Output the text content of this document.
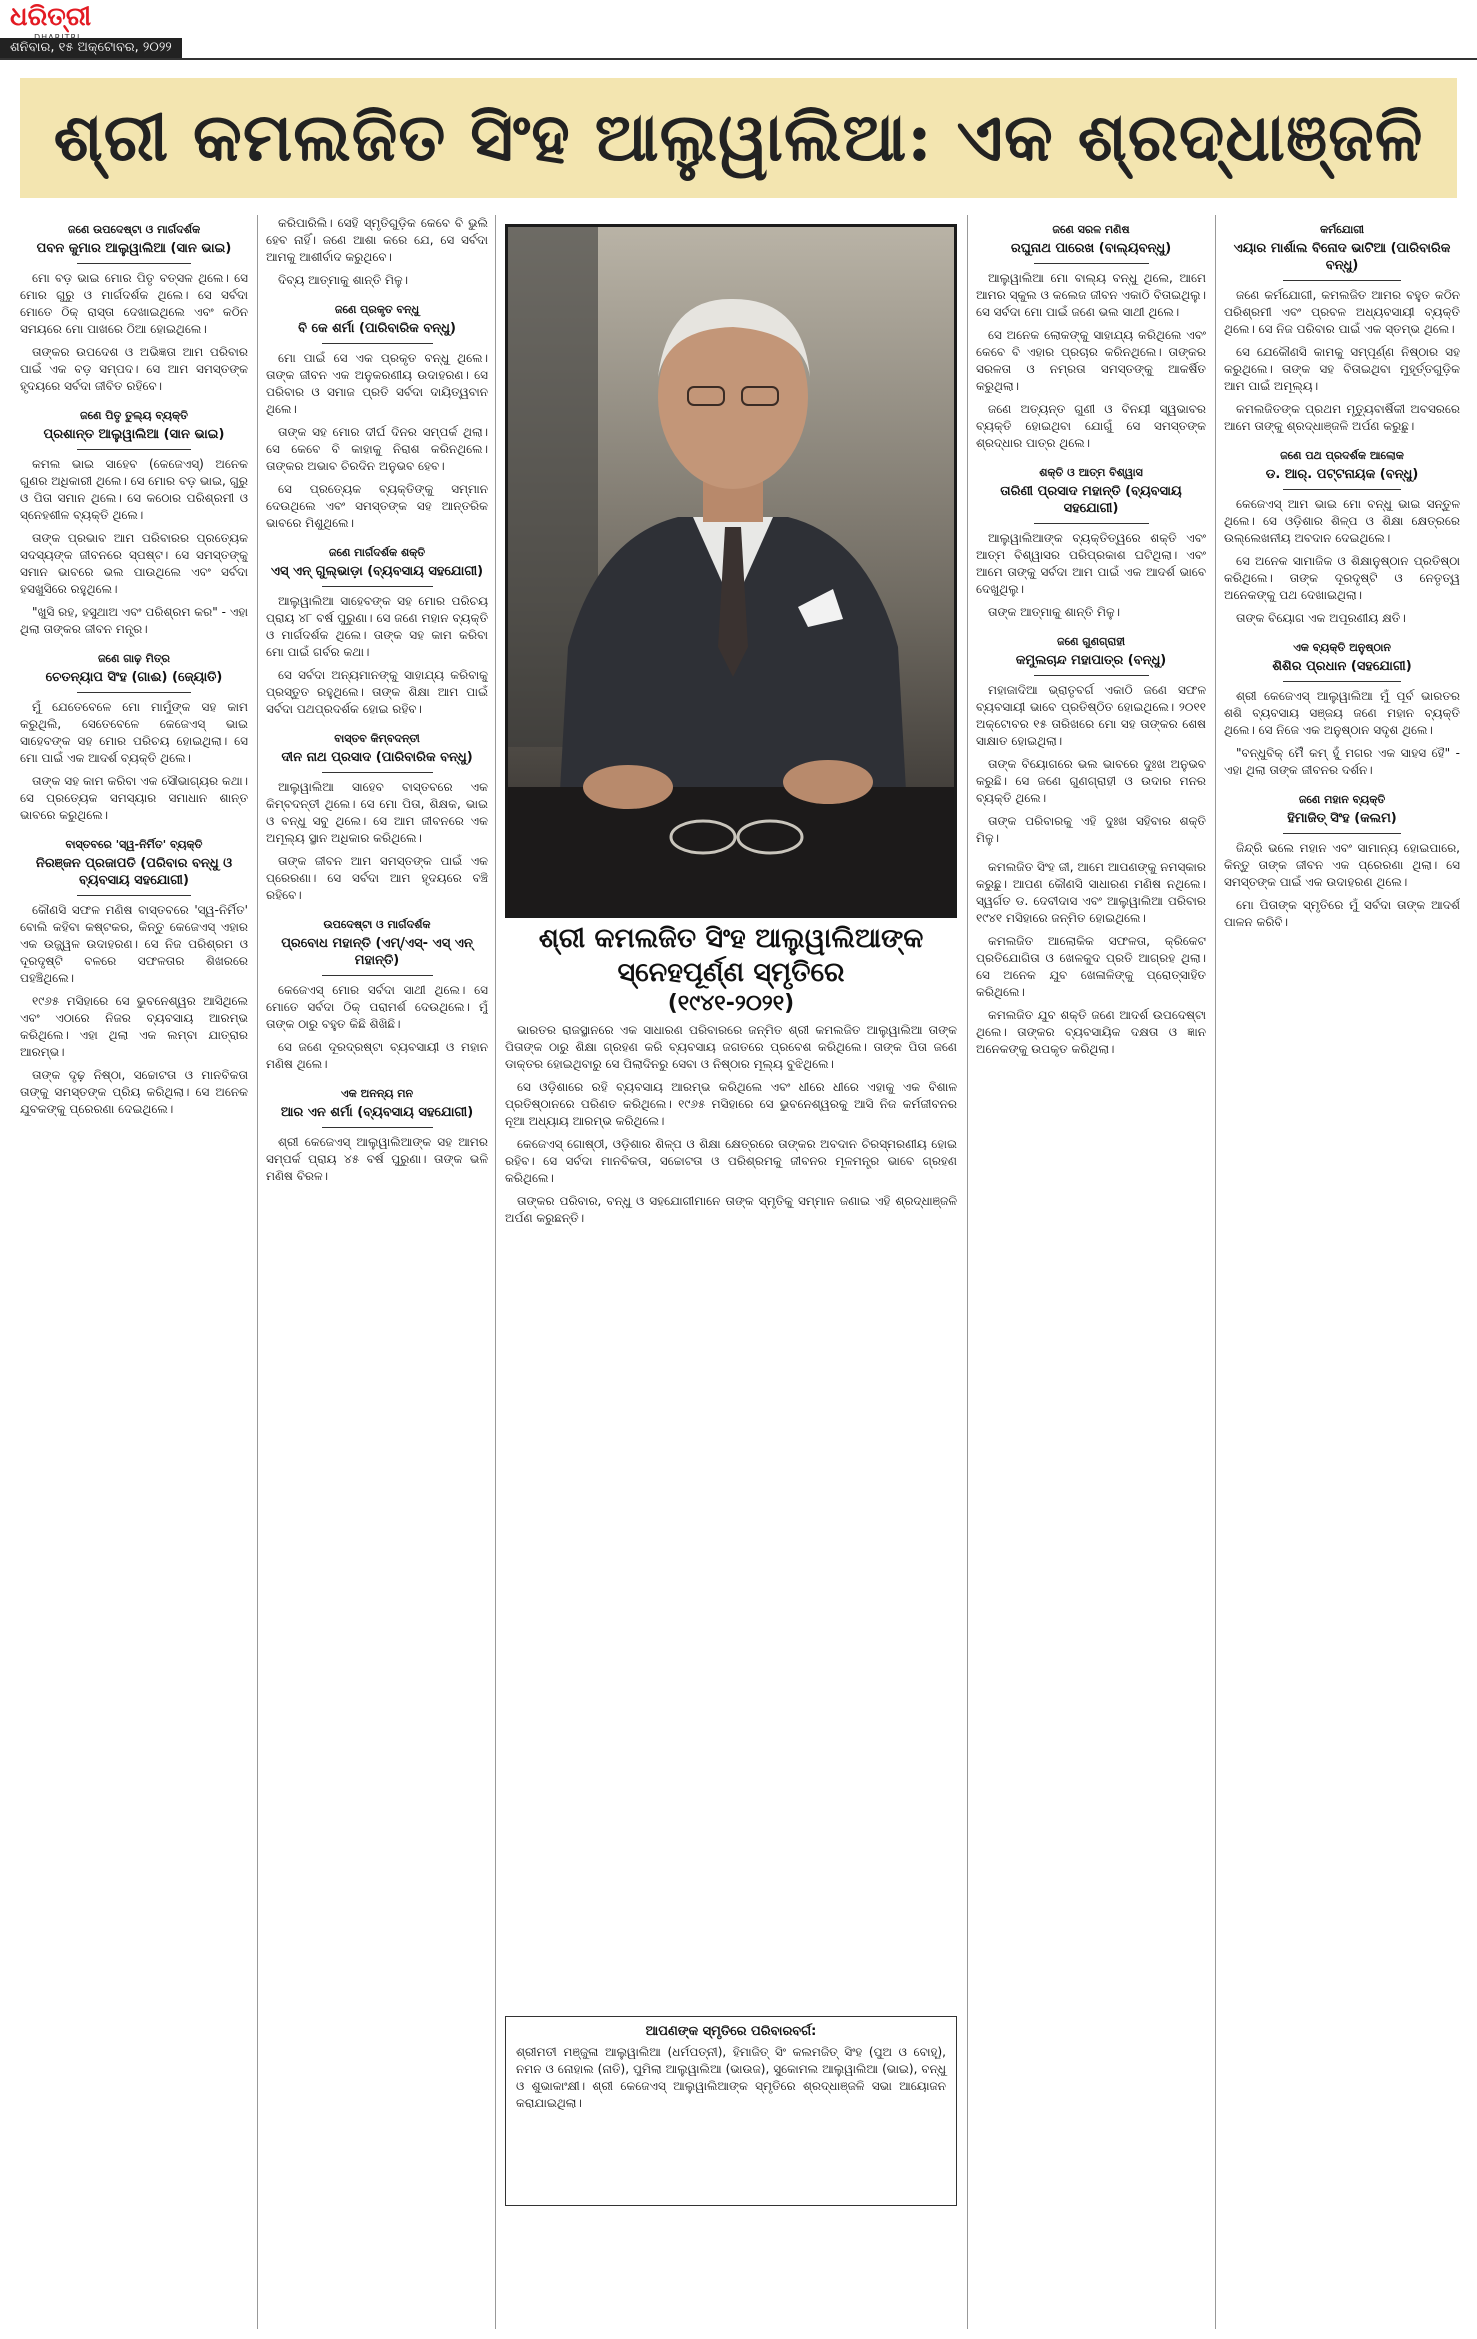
ଧରିତ୍ରୀ
ଶନିବାର, ୧୫ ଅକ୍ଟୋବର, ୨୦୨୨
ଶ୍ରୀ କମଲଜିତ ସିଂହ ଆଲୁୱାଲିଆ: ଏକ ଶ୍ରଦ୍ଧାଞ୍ଜଳି
ଜଣେ ଉପଦେଷ୍ଟା ଓ ମାର୍ଗଦର୍ଶକ
ପବନ କୁମାର ଆଲୁୱାଲିଆ (ସାନ ଭାଇ)

ମୋ ବଡ଼ ଭାଇ ମୋର ପିତୃ ବତ୍ସଳ ଥିଲେ। ସେ ମୋର ଗୁରୁ ଓ ମାର୍ଗଦର୍ଶକ ଥିଲେ। ସେ ସର୍ବଦା ମୋତେ ଠିକ୍ ରାସ୍ତା ଦେଖାଇଥିଲେ ଏବଂ କଠିନ ସମୟରେ ମୋ ପାଖରେ ଠିଆ ହୋଇଥିଲେ।

ତାଙ୍କର ଉପଦେଶ ଓ ଅଭିଜ୍ଞତା ଆମ ପରିବାର ପାଇଁ ଏକ ବଡ଼ ସମ୍ପଦ। ସେ ଆମ ସମସ୍ତଙ୍କ ହୃଦୟରେ ସର୍ବଦା ଜୀବିତ ରହିବେ।

ଜଣେ ପିତୃ ତୁଲ୍ୟ ବ୍ୟକ୍ତି
ପ୍ରଶାନ୍ତ ଆଲୁୱାଲିଆ (ସାନ ଭାଇ)

କମଲ ଭାଇ ସାହେବ (କେଜେଏସ୍) ଅନେକ ଗୁଣର ଅଧିକାରୀ ଥିଲେ। ସେ ମୋର ବଡ଼ ଭାଇ, ଗୁରୁ ଓ ପିତା ସମାନ ଥିଲେ। ସେ କଠୋର ପରିଶ୍ରମୀ ଓ ସ୍ନେହଶୀଳ ବ୍ୟକ୍ତି ଥିଲେ।

ତାଙ୍କ ପ୍ରଭାବ ଆମ ପରିବାରର ପ୍ରତ୍ୟେକ ସଦସ୍ୟଙ୍କ ଜୀବନରେ ସ୍ପଷ୍ଟ। ସେ ସମସ୍ତଙ୍କୁ ସମାନ ଭାବରେ ଭଲ ପାଉଥିଲେ ଏବଂ ସର୍ବଦା ହସଖୁସିରେ ରହୁଥିଲେ।

"ଖୁସି ରହ, ହସୁଥାଅ ଏବଂ ପରିଶ୍ରମ କର" - ଏହା ଥିଲା ତାଙ୍କର ଜୀବନ ମନ୍ତ୍ର।

ଜଣେ ଗାଢ଼ ମିତ୍ର
ଚେତନ୍ୟାପ ସିଂହ (ଗାଈ) (ଜ୍ୟୋତି)

ମୁଁ ଯେତେବେଳେ ମୋ ମାମୁଁଙ୍କ ସହ କାମ କରୁଥିଲି, ସେତେବେଳେ କେଜେଏସ୍ ଭାଇ ସାହେବଙ୍କ ସହ ମୋର ପରିଚୟ ହୋଇଥିଲା। ସେ ମୋ ପାଇଁ ଏକ ଆଦର୍ଶ ବ୍ୟକ୍ତି ଥିଲେ।

ତାଙ୍କ ସହ କାମ କରିବା ଏକ ସୌଭାଗ୍ୟର କଥା। ସେ ପ୍ରତ୍ୟେକ ସମସ୍ୟାର ସମାଧାନ ଶାନ୍ତ ଭାବରେ କରୁଥିଲେ।

ବାସ୍ତବରେ 'ସ୍ୱ-ନିର୍ମିତ' ବ୍ୟକ୍ତି
ନିରଞ୍ଜନ ପ୍ରଜାପତି (ପରିବାର ବନ୍ଧୁ ଓ ବ୍ୟବସାୟ ସହଯୋଗୀ)

କୌଣସି ସଫଳ ମଣିଷ ବାସ୍ତବରେ 'ସ୍ୱ-ନିର୍ମିତ' ବୋଲି କହିବା କଷ୍ଟକର, କିନ୍ତୁ କେଜେଏସ୍ ଏହାର ଏକ ଉଜ୍ଜ୍ୱଳ ଉଦାହରଣ। ସେ ନିଜ ପରିଶ୍ରମ ଓ ଦୂରଦୃଷ୍ଟି ବଳରେ ସଫଳତାର ଶିଖରରେ ପହଞ୍ଚିଥିଲେ।

୧୯୬୫ ମସିହାରେ ସେ ଭୁବନେଶ୍ୱର ଆସିଥିଲେ ଏବଂ ଏଠାରେ ନିଜର ବ୍ୟବସାୟ ଆରମ୍ଭ କରିଥିଲେ। ଏହା ଥିଲା ଏକ ଲମ୍ବା ଯାତ୍ରାର ଆରମ୍ଭ।

ତାଙ୍କ ଦୃଢ଼ ନିଷ୍ଠା, ସଚ୍ଚୋଟତା ଓ ମାନବିକତା ତାଙ୍କୁ ସମସ୍ତଙ୍କ ପ୍ରିୟ କରିଥିଲା। ସେ ଅନେକ ଯୁବକଙ୍କୁ ପ୍ରେରଣା ଦେଇଥିଲେ।

କରିପାରିଲି। ସେହି ସ୍ମୃତିଗୁଡ଼ିକ କେବେ ବି ଭୁଲି ହେବ ନାହିଁ। ଜଣେ ଆଶା କରେ ଯେ, ସେ ସର୍ବଦା ଆମକୁ ଆଶୀର୍ବାଦ କରୁଥିବେ।

ଦିବ୍ୟ ଆତ୍ମାକୁ ଶାନ୍ତି ମିଳୁ।

ଜଣେ ପ୍ରକୃତ ବନ୍ଧୁ
ବି କେ ଶର୍ମା (ପାରିବାରିକ ବନ୍ଧୁ)

ମୋ ପାଇଁ ସେ ଏକ ପ୍ରକୃତ ବନ୍ଧୁ ଥିଲେ। ତାଙ୍କ ଜୀବନ ଏକ ଅନୁକରଣୀୟ ଉଦାହରଣ। ସେ ପରିବାର ଓ ସମାଜ ପ୍ରତି ସର୍ବଦା ଦାୟିତ୍ୱବାନ ଥିଲେ।

ତାଙ୍କ ସହ ମୋର ଦୀର୍ଘ ଦିନର ସମ୍ପର୍କ ଥିଲା। ସେ କେବେ ବି କାହାକୁ ନିରାଶ କରିନଥିଲେ। ତାଙ୍କର ଅଭାବ ଚିରଦିନ ଅନୁଭବ ହେବ।

ସେ ପ୍ରତ୍ୟେକ ବ୍ୟକ୍ତିଙ୍କୁ ସମ୍ମାନ ଦେଉଥିଲେ ଏବଂ ସମସ୍ତଙ୍କ ସହ ଆନ୍ତରିକ ଭାବରେ ମିଶୁଥିଲେ।

ଜଣେ ମାର୍ଗଦର୍ଶକ ଶକ୍ତି
ଏସ୍ ଏନ୍ ଗୁଲ୍ଭାଡ଼ା (ବ୍ୟବସାୟ ସହଯୋଗୀ)

ଆଲୁୱାଲିଆ ସାହେବଙ୍କ ସହ ମୋର ପରିଚୟ ପ୍ରାୟ ୪୮ ବର୍ଷ ପୁରୁଣା। ସେ ଜଣେ ମହାନ ବ୍ୟକ୍ତି ଓ ମାର୍ଗଦର୍ଶକ ଥିଲେ। ତାଙ୍କ ସହ କାମ କରିବା ମୋ ପାଇଁ ଗର୍ବର କଥା।

ସେ ସର୍ବଦା ଅନ୍ୟମାନଙ୍କୁ ସାହାଯ୍ୟ କରିବାକୁ ପ୍ରସ୍ତୁତ ରହୁଥିଲେ। ତାଙ୍କ ଶିକ୍ଷା ଆମ ପାଇଁ ସର୍ବଦା ପଥପ୍ରଦର୍ଶକ ହୋଇ ରହିବ।

ବାସ୍ତବ କିମ୍ବଦନ୍ତୀ
ଦୀନ ନାଥ ପ୍ରସାଦ (ପାରିବାରିକ ବନ୍ଧୁ)

ଆଲୁୱାଲିଆ ସାହେବ ବାସ୍ତବରେ ଏକ କିମ୍ବଦନ୍ତୀ ଥିଲେ। ସେ ମୋ ପିତା, ଶିକ୍ଷକ, ଭାଇ ଓ ବନ୍ଧୁ ସବୁ ଥିଲେ। ସେ ଆମ ଜୀବନରେ ଏକ ଅମୂଲ୍ୟ ସ୍ଥାନ ଅଧିକାର କରିଥିଲେ।

ତାଙ୍କ ଜୀବନ ଆମ ସମସ୍ତଙ୍କ ପାଇଁ ଏକ ପ୍ରେରଣା। ସେ ସର୍ବଦା ଆମ ହୃଦୟରେ ବଞ୍ଚି ରହିବେ।

ଉପଦେଷ୍ଟା ଓ ମାର୍ଗଦର୍ଶକ
ପ୍ରବୋଧ ମହାନ୍ତି (ଏମ୍/ଏସ୍- ଏସ୍ ଏନ୍ ମହାନ୍ତି)

କେଜେଏସ୍ ମୋର ସର୍ବଦା ସାଥୀ ଥିଲେ। ସେ ମୋତେ ସର୍ବଦା ଠିକ୍ ପରାମର୍ଶ ଦେଉଥିଲେ। ମୁଁ ତାଙ୍କ ଠାରୁ ବହୁତ କିଛି ଶିଖିଛି।

ସେ ଜଣେ ଦୂରଦ୍ରଷ୍ଟା ବ୍ୟବସାୟୀ ଓ ମହାନ ମଣିଷ ଥିଲେ।

ଏକ ଅନନ୍ୟ ମନ
ଆର ଏନ ଶର୍ମା (ବ୍ୟବସାୟ ସହଯୋଗୀ)

ଶ୍ରୀ କେଜେଏସ୍ ଆଲୁୱାଲିଆଙ୍କ ସହ ଆମର ସମ୍ପର୍କ ପ୍ରାୟ ୪୫ ବର୍ଷ ପୁରୁଣା। ତାଙ୍କ ଭଳି ମଣିଷ ବିରଳ।

ଜଣେ ସରଳ ମଣିଷ
ରଘୁନାଥ ପାରେଖ (ବାଲ୍ୟବନ୍ଧୁ)

ଆଲୁୱାଲିଆ ମୋ ବାଲ୍ୟ ବନ୍ଧୁ ଥିଲେ, ଆମେ ଆମର ସ୍କୁଲ ଓ କଲେଜ ଜୀବନ ଏକାଠି ବିତାଇଥିଲୁ। ସେ ସର୍ବଦା ମୋ ପାଇଁ ଜଣେ ଭଲ ସାଥୀ ଥିଲେ।

ସେ ଅନେକ ଲୋକଙ୍କୁ ସାହାଯ୍ୟ କରିଥିଲେ ଏବଂ କେବେ ବି ଏହାର ପ୍ରଚାର କରିନଥିଲେ। ତାଙ୍କର ସରଳତା ଓ ନମ୍ରତା ସମସ୍ତଙ୍କୁ ଆକର୍ଷିତ କରୁଥିଲା।

ଜଣେ ଅତ୍ୟନ୍ତ ଗୁଣୀ ଓ ବିନୟୀ ସ୍ୱଭାବର ବ୍ୟକ୍ତି ହୋଇଥିବା ଯୋଗୁଁ ସେ ସମସ୍ତଙ୍କ ଶ୍ରଦ୍ଧାର ପାତ୍ର ଥିଲେ।

ଶକ୍ତି ଓ ଆତ୍ମ ବିଶ୍ୱାସ
ତାରିଣୀ ପ୍ରସାଦ ମହାନ୍ତି (ବ୍ୟବସାୟ ସହଯୋଗୀ)

ଆଲୁୱାଲିଆଙ୍କ ବ୍ୟକ୍ତିତ୍ୱରେ ଶକ୍ତି ଏବଂ ଆତ୍ମ ବିଶ୍ୱାସର ପରିପ୍ରକାଶ ଘଟିଥିଲା। ଏବଂ ଆମେ ତାଙ୍କୁ ସର୍ବଦା ଆମ ପାଇଁ ଏକ ଆଦର୍ଶ ଭାବେ ଦେଖୁଥିଲୁ।

ତାଙ୍କ ଆତ୍ମାକୁ ଶାନ୍ତି ମିଳୁ।

ଜଣେ ଗୁଣଗ୍ରାହୀ
କମୁଲଚାନ୍ଦ ମହାପାତ୍ର (ବନ୍ଧୁ)

ମହାଜାଦିଆ ଭ୍ରାତୃବର୍ଗ ଏକାଠି ଜଣେ ସଫଳ ବ୍ୟବସାୟୀ ଭାବେ ପ୍ରତିଷ୍ଠିତ ହୋଇଥିଲେ। ୨୦୧୧ ଅକ୍ଟୋବର ୧୫ ତାରିଖରେ ମୋ ସହ ତାଙ୍କର ଶେଷ ସାକ୍ଷାତ ହୋଇଥିଲା।

ତାଙ୍କ ବିୟୋଗରେ ଭଲ ଭାବରେ ଦୁଃଖ ଅନୁଭବ କରୁଛି। ସେ ଜଣେ ଗୁଣଗ୍ରାହୀ ଓ ଉଦାର ମନର ବ୍ୟକ୍ତି ଥିଲେ।

ତାଙ୍କ ପରିବାରକୁ ଏହି ଦୁଃଖ ସହିବାର ଶକ୍ତି ମିଳୁ।

କମଲଜିତ ସିଂହ ଜୀ, ଆମେ ଆପଣଙ୍କୁ ନମସ୍କାର କରୁଛୁ। ଆପଣ କୌଣସି ସାଧାରଣ ମଣିଷ ନଥିଲେ। ସ୍ୱର୍ଗତ ଡ. ଦେବୀଦାସ ଏବଂ ଆଲୁୱାଲିଆ ପରିବାର ୧୯୪୧ ମସିହାରେ ଜନ୍ମିତ ହୋଇଥିଲେ।

କମଲଜିତ ଆଲୋକିକ ସଫଳତା, କ୍ରିକେଟ ପ୍ରତିଯୋଗିତା ଓ ଖେଳକୁଦ ପ୍ରତି ଆଗ୍ରହ ଥିଲା। ସେ ଅନେକ ଯୁବ ଖେଳାଳିଙ୍କୁ ପ୍ରୋତ୍ସାହିତ କରିଥିଲେ।

କମଲଜିତ ଯୁବ ଶକ୍ତି ଜଣେ ଆଦର୍ଶ ଉପଦେଷ୍ଟା ଥିଲେ। ତାଙ୍କର ବ୍ୟବସାୟିକ ଦକ୍ଷତା ଓ ଜ୍ଞାନ ଅନେକଙ୍କୁ ଉପକୃତ କରିଥିଲା।

କର୍ମଯୋଗୀ
ଏୟାର ମାର୍ଶାଲ ବିନୋଦ ଭାଟିଆ (ପାରିବାରିକ ବନ୍ଧୁ)

ଜଣେ କର୍ମଯୋଗୀ, କମଲଜିତ ଆମର ବହୁତ କଠିନ ପରିଶ୍ରମୀ ଏବଂ ପ୍ରବଳ ଅଧ୍ୟବସାୟୀ ବ୍ୟକ୍ତି ଥିଲେ। ସେ ନିଜ ପରିବାର ପାଇଁ ଏକ ସ୍ତମ୍ଭ ଥିଲେ।

ସେ ଯେକୌଣସି କାମକୁ ସମ୍ପୂର୍ଣ୍ଣ ନିଷ୍ଠାର ସହ କରୁଥିଲେ। ତାଙ୍କ ସହ ବିତାଇଥିବା ମୁହୂର୍ତ୍ତଗୁଡ଼ିକ ଆମ ପାଇଁ ଅମୂଲ୍ୟ।

କମଲଜିତଙ୍କ ପ୍ରଥମ ମୃତ୍ୟୁବାର୍ଷିକୀ ଅବସରରେ ଆମେ ତାଙ୍କୁ ଶ୍ରଦ୍ଧାଞ୍ଜଳି ଅର୍ପଣ କରୁଛୁ।

ଜଣେ ପଥ ପ୍ରଦର୍ଶକ ଆଲୋକ
ଡ. ଆର୍. ପଟ୍ଟନାୟକ (ବନ୍ଧୁ)

କେଜେଏସ୍ ଆମ ଭାଇ ମୋ ବନ୍ଧୁ ଭାଇ ସନ୍ତୁଳ ଥିଲେ। ସେ ଓଡ଼ିଶାର ଶିଳ୍ପ ଓ ଶିକ୍ଷା କ୍ଷେତ୍ରରେ ଉଲ୍ଲେଖନୀୟ ଅବଦାନ ଦେଇଥିଲେ।

ସେ ଅନେକ ସାମାଜିକ ଓ ଶିକ୍ଷାନୁଷ୍ଠାନ ପ୍ରତିଷ୍ଠା କରିଥିଲେ। ତାଙ୍କ ଦୂରଦୃଷ୍ଟି ଓ ନେତୃତ୍ୱ ଅନେକଙ୍କୁ ପଥ ଦେଖାଇଥିଲା।

ତାଙ୍କ ବିୟୋଗ ଏକ ଅପୂରଣୀୟ କ୍ଷତି।

ଏକ ବ୍ୟକ୍ତି ଅନୁଷ୍ଠାନ
ଶିଶିର ପ୍ରଧାନ (ସହଯୋଗୀ)

ଶ୍ରୀ କେଜେଏସ୍ ଆଲୁୱାଲିଆ ମୁଁ ପୂର୍ବ ଭାରତର ଶଶି ବ୍ୟବସାୟ ସଞ୍ଜୟ ଜଣେ ମହାନ ବ୍ୟକ୍ତି ଥିଲେ। ସେ ନିଜେ ଏକ ଅନୁଷ୍ଠାନ ସଦୃଶ ଥିଲେ।

"ବନ୍ଧୁବିକ୍ ମୈଁ କମ୍ ହୁଁ ମଗର ଏକ ସାହସ ହୈ" - ଏହା ଥିଲା ତାଙ୍କ ଜୀବନର ଦର୍ଶନ।

ଜଣେ ମହାନ ବ୍ୟକ୍ତି
ହିମାଜିତ୍ ସିଂହ (କଲମ)

ଜିନ୍ଦ୍ରି ଭଲେ ମହାନ ଏବଂ ସାମାନ୍ୟ ହୋଇପାରେ, କିନ୍ତୁ ତାଙ୍କ ଜୀବନ ଏକ ପ୍ରେରଣା ଥିଲା। ସେ ସମସ୍ତଙ୍କ ପାଇଁ ଏକ ଉଦାହରଣ ଥିଲେ।

ମୋ ପିତାଙ୍କ ସ୍ମୃତିରେ ମୁଁ ସର୍ବଦା ତାଙ୍କ ଆଦର୍ଶ ପାଳନ କରିବି।

ଶ୍ରୀ କମଲଜିତ ସିଂହ ଆଲୁୱାଲିଆଙ୍କ
ସ୍ନେହପୂର୍ଣ୍ଣ ସ୍ମୃତିରେ
(୧୯୪୧-୨୦୨୧)

ଭାରତର ରାଜସ୍ଥାନରେ ଏକ ସାଧାରଣ ପରିବାରରେ ଜନ୍ମିତ ଶ୍ରୀ କମଲଜିତ ଆଲୁୱାଲିଆ ତାଙ୍କ ପିତାଙ୍କ ଠାରୁ ଶିକ୍ଷା ଗ୍ରହଣ କରି ବ୍ୟବସାୟ ଜଗତରେ ପ୍ରବେଶ କରିଥିଲେ। ତାଙ୍କ ପିତା ଜଣେ ଡାକ୍ତର ହୋଇଥିବାରୁ ସେ ପିଲାଦିନରୁ ସେବା ଓ ନିଷ୍ଠାର ମୂଲ୍ୟ ବୁଝିଥିଲେ।

ସେ ଓଡ଼ିଶାରେ ରହି ବ୍ୟବସାୟ ଆରମ୍ଭ କରିଥିଲେ ଏବଂ ଧୀରେ ଧୀରେ ଏହାକୁ ଏକ ବିଶାଳ ପ୍ରତିଷ୍ଠାନରେ ପରିଣତ କରିଥିଲେ। ୧୯୬୫ ମସିହାରେ ସେ ଭୁବନେଶ୍ୱରକୁ ଆସି ନିଜ କର୍ମଜୀବନର ନୂଆ ଅଧ୍ୟାୟ ଆରମ୍ଭ କରିଥିଲେ।

କେଜେଏସ୍ ଗୋଷ୍ଠୀ, ଓଡ଼ିଶାର ଶିଳ୍ପ ଓ ଶିକ୍ଷା କ୍ଷେତ୍ରରେ ତାଙ୍କର ଅବଦାନ ଚିରସ୍ମରଣୀୟ ହୋଇ ରହିବ। ସେ ସର୍ବଦା ମାନବିକତା, ସଚ୍ଚୋଟତା ଓ ପରିଶ୍ରମକୁ ଜୀବନର ମୂଳମନ୍ତ୍ର ଭାବେ ଗ୍ରହଣ କରିଥିଲେ।

ତାଙ୍କର ପରିବାର, ବନ୍ଧୁ ଓ ସହଯୋଗୀମାନେ ତାଙ୍କ ସ୍ମୃତିକୁ ସମ୍ମାନ ଜଣାଇ ଏହି ଶ୍ରଦ୍ଧାଞ୍ଜଳି ଅର୍ପଣ କରୁଛନ୍ତି।

ଆପଣଙ୍କ ସ୍ମୃତିରେ ପରିବାରବର୍ଗ:
ଶ୍ରୀମତୀ ମଞ୍ଜୁଳା ଆଲୁୱାଲିଆ (ଧର୍ମପତ୍ନୀ), ହିମାଜିତ୍ ସିଂ କଲମଜିତ୍ ସିଂହ (ପୁଅ ଓ ବୋହୂ), ନମନ ଓ ନୋହାଲ (ନାତି), ପୁମିଲା ଆଲୁୱାଲିଆ (ଭାଉଜ), ସୁକୋମଲ ଆଲୁୱାଲିଆ (ଭାଇ), ବନ୍ଧୁ ଓ ଶୁଭାକାଂକ୍ଷୀ। ଶ୍ରୀ କେଜେଏସ୍ ଆଲୁୱାଲିଆଙ୍କ ସ୍ମୃତିରେ ଶ୍ରଦ୍ଧାଞ୍ଜଳି ସଭା ଆୟୋଜନ କରାଯାଇଥିଲା।
